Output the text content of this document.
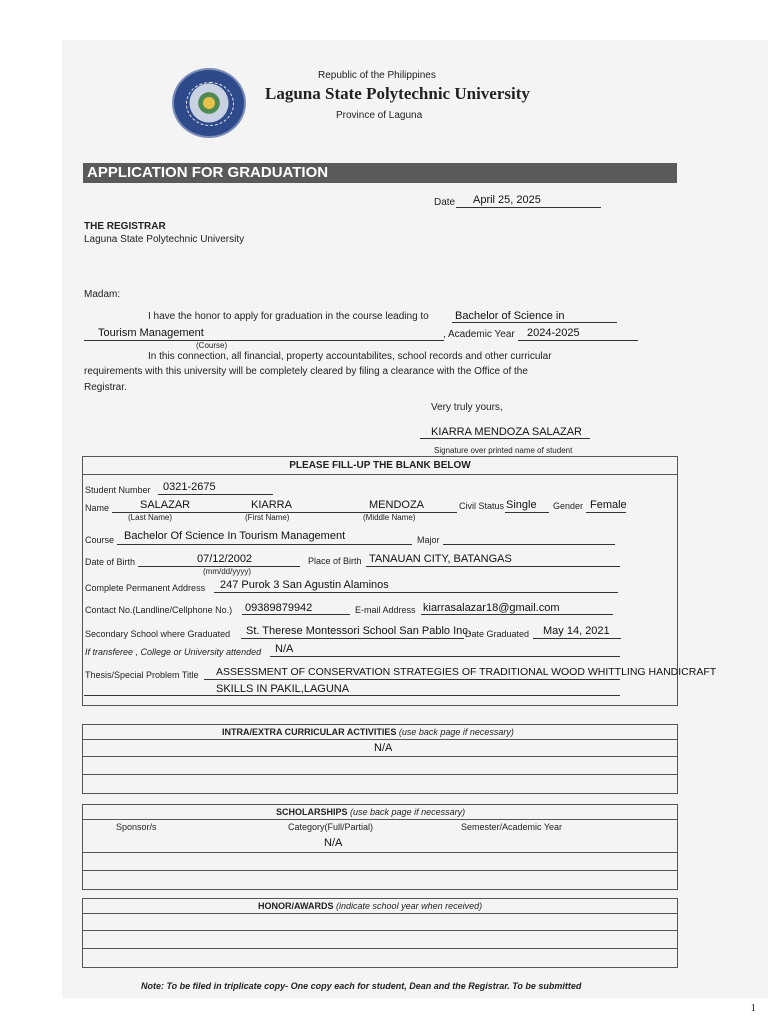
Republic of the Philippines
Laguna State Polytechnic University
Province of Laguna
APPLICATION FOR GRADUATION
Date April 25, 2025
THE REGISTRAR
Laguna State Polytechnic University
Madam:
I have the honor to apply for graduation in the course leading to Bachelor of Science in
Tourism Management	, Academic Year 2024-2025
(Course)
In this connection, all financial, property accountabilites, school records and other curricular
requirements with this university will be completely cleared by filing a clearance with the Office of the
Registrar.
Very truly yours,
KIARRA MENDOZA SALAZAR
Signature over printed name of student
PLEASE FILL-UP THE BLANK BELOW
Student Number 0321-2675
Name	SALAZAR	KIARRA	MENDOZA
(Last Name)	(First Name)	(Middle Name)
Civil Status Single Gender Female
Course Bachelor Of Science In Tourism Management	Major
Date of Birth	07/12/2002
(mm/dd/yyyy)
Place of Birth TANAUAN CITY, BATANGAS
Complete Permanent Address 247 Purok 3 San Agustin Alaminos
Contact No.(Landline/Cellphone No.) 09389879942	E-mail Address kiarrasalazar18@gmail.com
Secondary School where Graduated St. Therese Montessori School San Pablo Inc.
Date Graduated May 14, 2021
If transferee , College or University attended N/A
Thesis/Special Problem Title ASSESSMENT OF CONSERVATION STRATEGIES OF TRADITIONAL WOOD WHITTLING HANDICRAFT
SKILLS IN PAKIL,LAGUNA
INTRA/EXTRA CURRICULAR ACTIVITIES (use back page if necessary)
N/A
SCHOLARSHIPS (use back page if necessary)
Sponsor/s	Category(Full/Partial)	Semester/Academic Year
N/A
HONOR/AWARDS (indicate school year when received)
Note: To be filed in triplicate copy- One copy each for student, Dean and the Registrar. To be submitted
1
